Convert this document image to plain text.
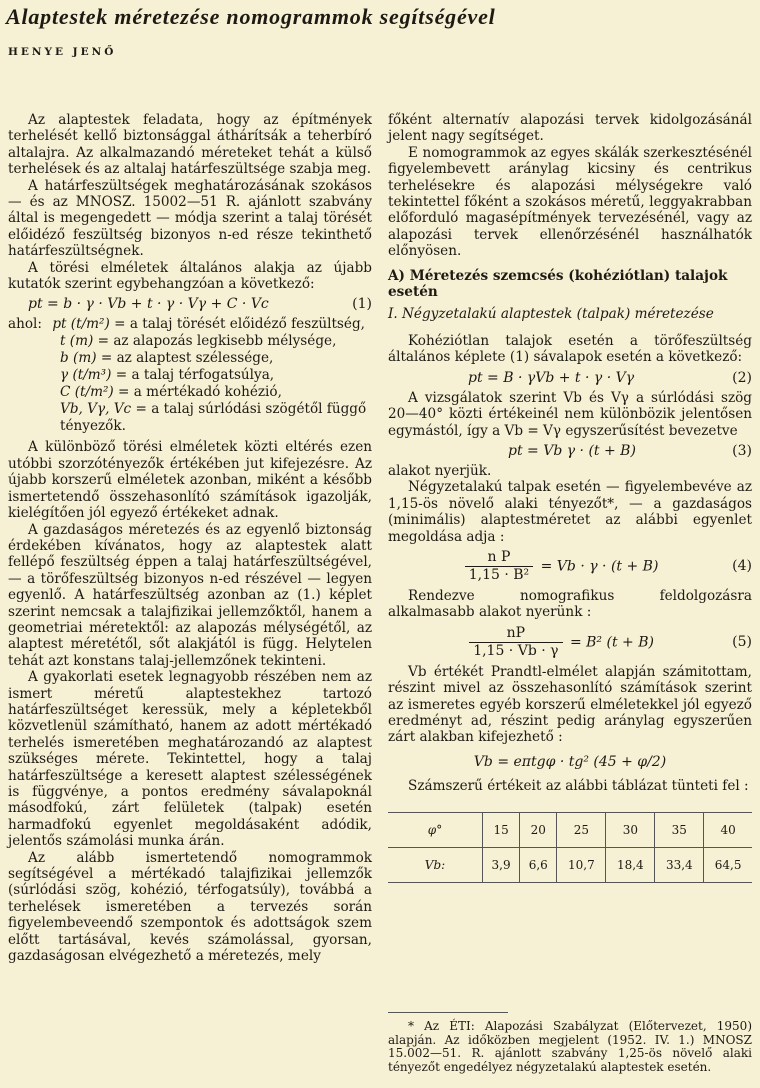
Alaptestek méretezése nomogrammok segítségével
HENYE JENŐ

Az alaptestek feladata, hogy az építmények terhelését kellő biztonsággal áthárítsák a teherbíró altalajra. Az alkalmazandó méreteket tehát a külső terhelések és az altalaj határfeszültsége szabja meg.

A határfeszültségek meghatározásának szokásos — és az MNOSZ. 15002—51 R. ajánlott szabvány által is megengedett — módja szerint a talaj törését előidéző feszültség bizonyos n-ed része tekinthető határfeszültségnek.

A törési elméletek általános alakja az újabb kutatók szerint egybehangzóan a következő:

pt = b · γ · Vb + t · γ · Vγ + C · Vc	(1)
ahol: pt (t/m²) = a talaj törését előidéző feszültség,
t (m) = az alapozás legkisebb mélysége,
b (m) = az alaptest szélessége,
γ (t/m³) = a talaj térfogatsúlya,
C (t/m²) = a mértékadó kohézió,
Vb, Vγ, Vc = a talaj súrlódási szögétől függő tényezők.

A különböző törési elméletek közti eltérés ezen utóbbi szorzótényezők értékében jut kifejezésre. Az újabb korszerű elméletek azonban, miként a később ismertetendő összehasonlító számítások igazolják, kielégítően jól egyező értékeket adnak.

A gazdaságos méretezés és az egyenlő biztonság érdekében kívánatos, hogy az alaptestek alatt fellépő feszültség éppen a talaj határfeszültségével, — a törőfeszültség bizonyos n-ed részével — legyen egyenlő. A határfeszültség azonban az (1.) képlet szerint nemcsak a talajfizikai jellemzőktől, hanem a geometriai méretektől: az alapozás mélységétől, az alaptest méretétől, sőt alakjától is függ. Helytelen tehát azt konstans talaj-jellemzőnek tekinteni.

A gyakorlati esetek legnagyobb részében nem az ismert méretű alaptestekhez tartozó határfeszültséget keressük, mely a képletekből közvetlenül számítható, hanem az adott mértékadó terhelés ismeretében meghatározandó az alaptest szükséges mérete. Tekintettel, hogy a talaj határfeszültsége a keresett alaptest szélességének is függvénye, a pontos eredmény sávalapoknál másodfokú, zárt felületek (talpak) esetén harmadfokú egyenlet megoldásaként adódik, jelentős számolási munka árán.

Az alább ismertetendő nomogrammok segítségével a mértékadó talajfizikai jellemzők (súrlódási szög, kohézió, térfogatsúly), továbbá a terhelések ismeretében a tervezés során figyelembeveendő szempontok és adottságok szem előtt tartásával, kevés számolással, gyorsan, gazdaságosan elvégezhető a méretezés, mely

főként alternatív alapozási tervek kidolgozásánál jelent nagy segítséget.

E nomogrammok az egyes skálák szerkesztésénél figyelembevett aránylag kicsiny és centrikus terhelésekre és alapozási mélységekre való tekintettel főként a szokásos méretű, leggyakrabban előforduló magasépítmények tervezésénél, vagy az alapozási tervek ellenőrzésénél használhatók előnyösen.

A) Méretezés szemcsés (kohéziótlan) talajok esetén
I. Négyzetalakú alaptestek (talpak) méretezése

Kohéziótlan talajok esetén a törőfeszültség általános képlete (1) sávalapok esetén a következő:

pt = B · γVb + t · γ · Vγ	(2)

A vizsgálatok szerint Vb és Vγ a súrlódási szög 20—40° közti értékeinél nem különbözik jelentősen egymástól, így a Vb = Vγ egyszerűsítést bevezetve

pt = Vb γ · (t + B)	(3)

alakot nyerjük.

Négyzetalakú talpak esetén — figyelembevéve az 1,15-ös növelő alaki tényezőt*, — a gazdaságos (minimális) alaptestméretet az alábbi egyenlet megoldása adja :

$\frac{\text{n P}}{\text{1,15 · B²}} = Vb \cdot \gamma \cdot (t + B)$	(4)

Rendezve nomografikus feldolgozásra alkalmasabb alakot nyerünk :

$\frac{nP}{1,15 \cdot Vb \cdot \gamma} = B^2$ (t + B)	(5)

Vb értékét Prandtl-elmélet alapján számitottam, részint mivel az összehasonlító számítások szerint az ismeretes egyéb korszerű elméletekkel jól egyező eredményt ad, részint pedig aránylag egyszerűen zárt alakban kifejezhető :

Vb = eπtgφ · tg² (45 + φ/2)

Számszerű értékeit az alábbi táblázat tünteti fel :

φ°	15	20	25	30	35	40
Vb:	3,9	6,6	10,7	18,4	33,4	64,5

* Az ÉTI: Alapozási Szabályzat (Előtervezet, 1950) alapján. Az időközben megjelent (1952. IV. 1.) MNOSZ 15.002—51. R. ajánlott szabvány 1,25-ös növelő alaki tényezőt engedélyez négyzetalakú alaptestek esetén.
